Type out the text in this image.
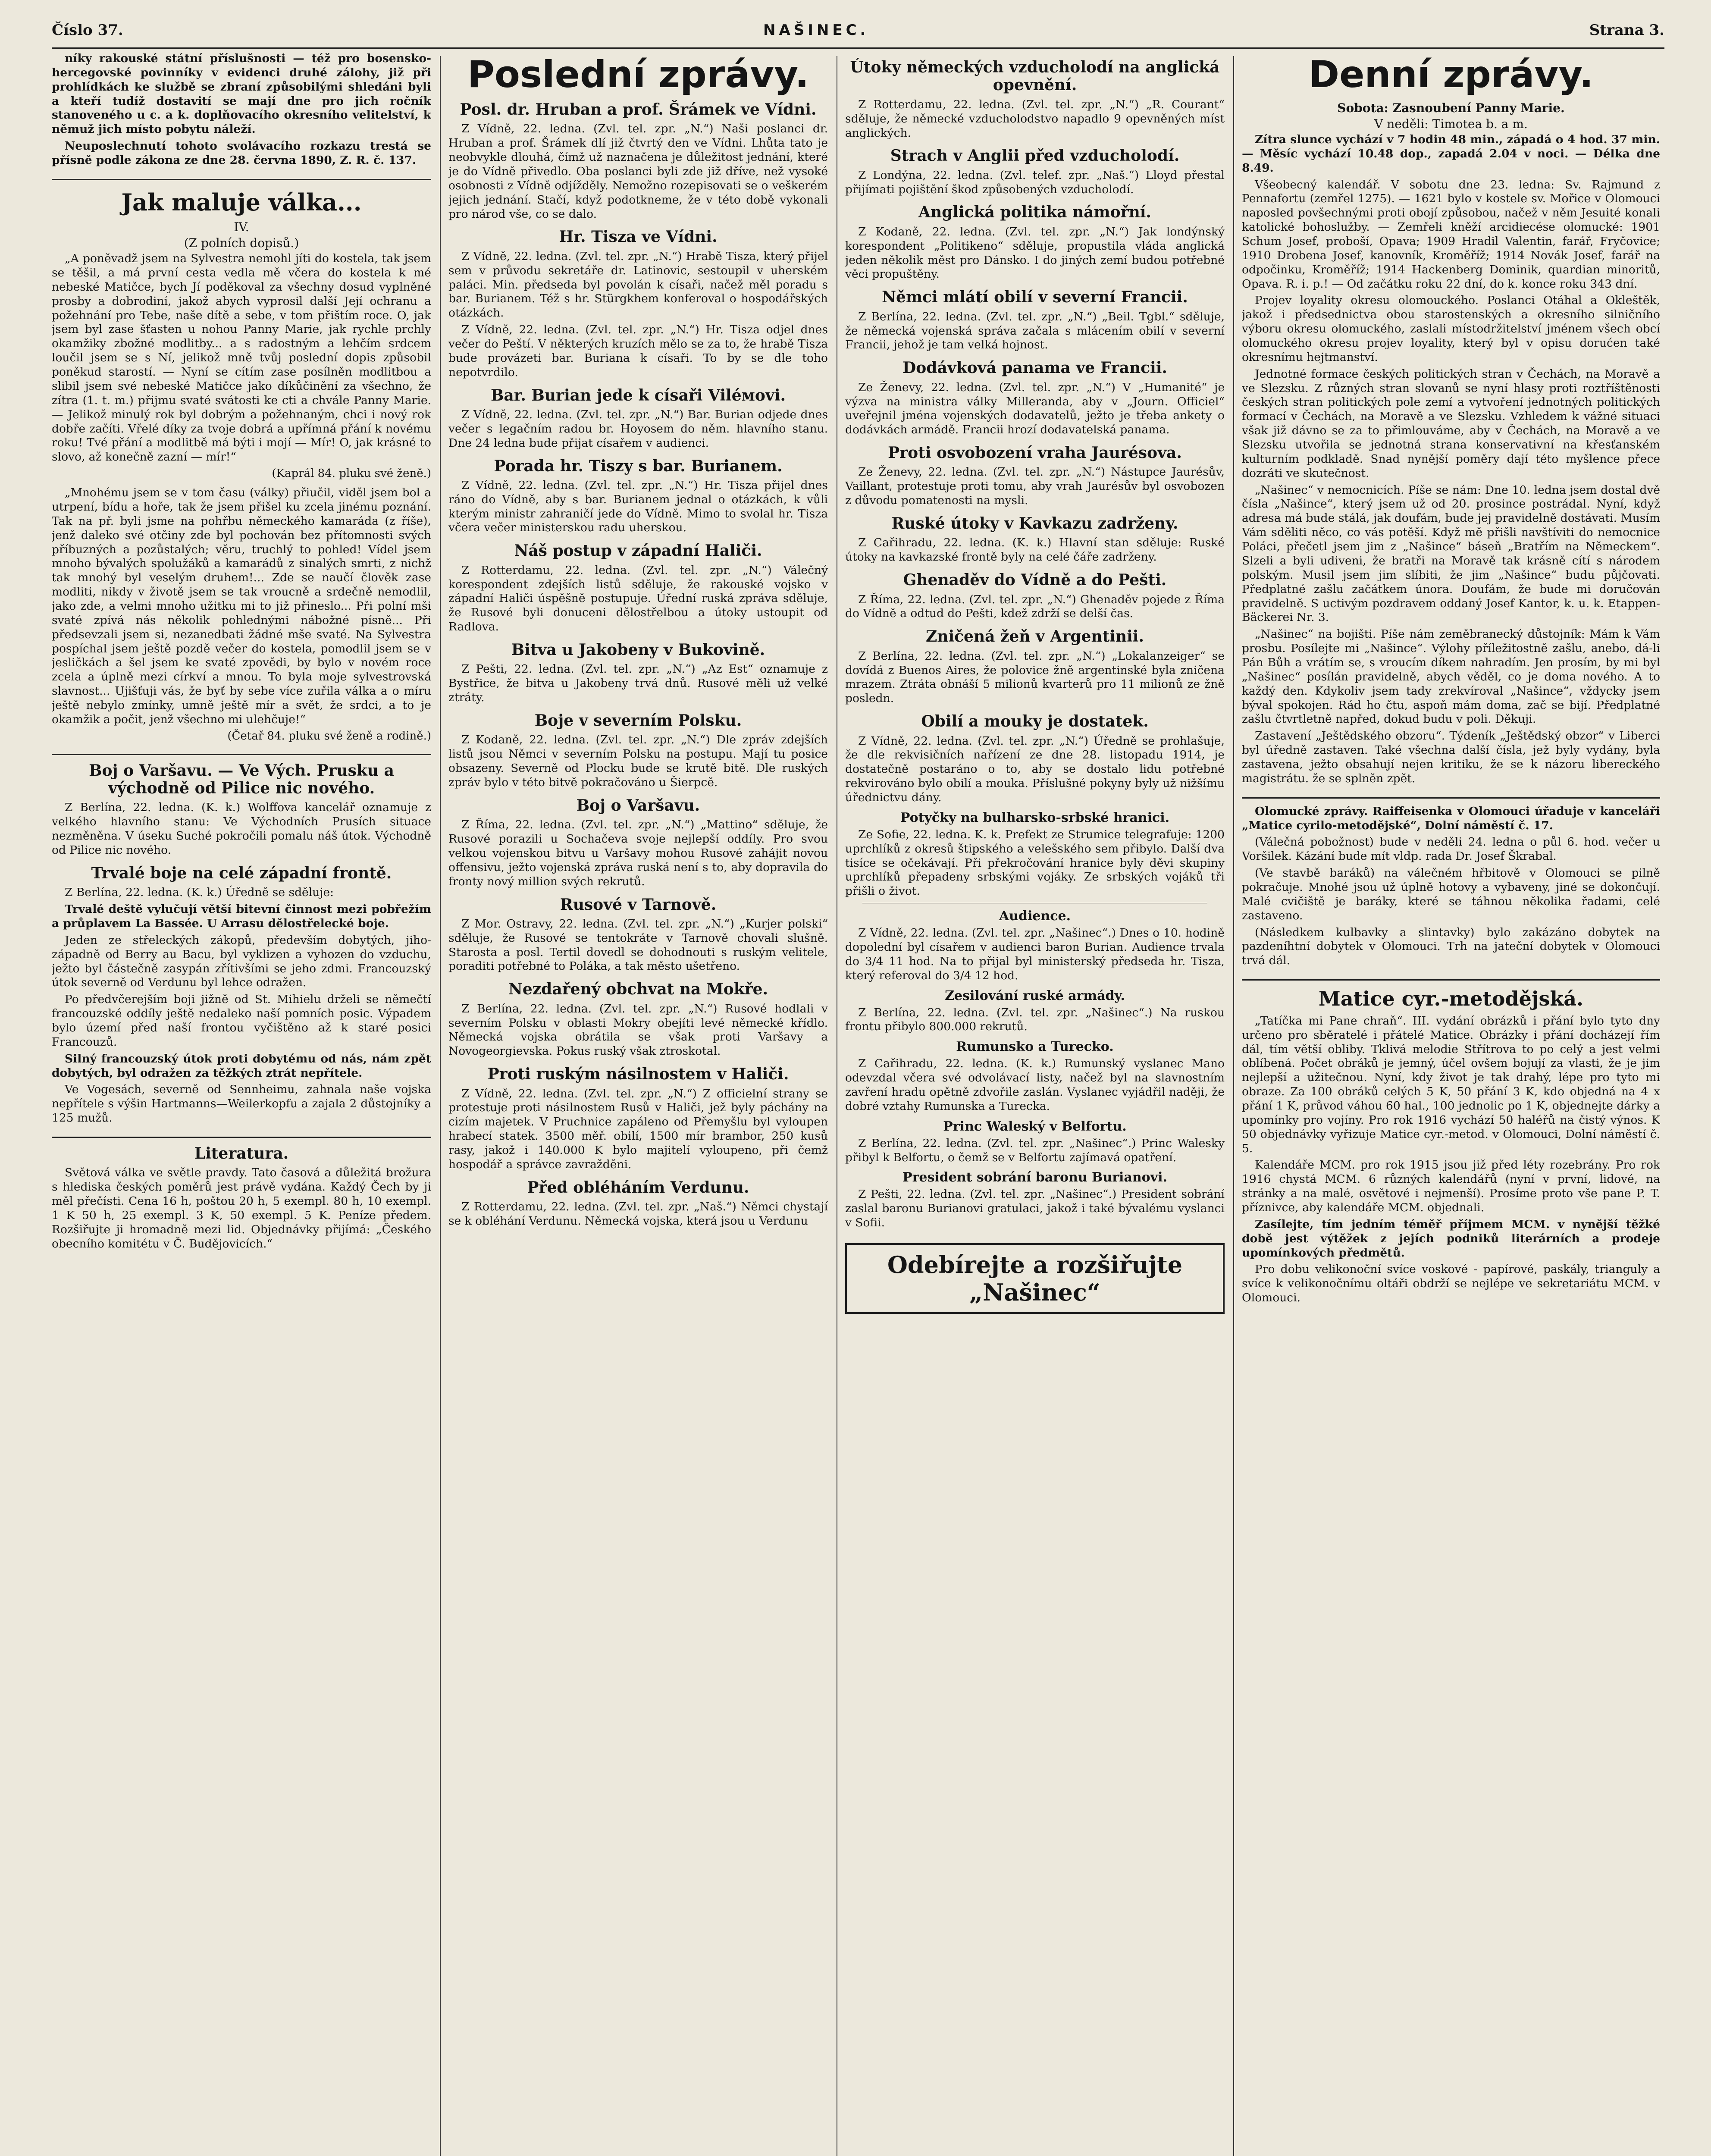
Číslo 37.	NAŠINEC.	Strana 3.

níky rakouské státní příslušnosti — též pro bosensko-hercegovské povinníky v evidenci druhé zálohy, již při prohlídkách ke službě se zbraní způsobilými shledáni byli a kteří tudíž dostavití se mají dne pro jich ročník stanoveného u c. a k. doplňovacího okresního velitelství, k němuž jich místo pobytu náleží.

Neuposlechnutí tohoto svolávacího rozkazu trestá se přísně podle zákona ze dne 28. června 1890, Z. R. č. 137.

Jak maluje válka...
IV.
(Z polních dopisů.)

„A poněvadž jsem na Sylvestra nemohl jíti do kostela, tak jsem se těšil, a má první cesta vedla mě včera do kostela k mé nebeské Matičce, bych Jí poděkoval za všechny dosud vyplněné prosby a dobrodiní, jakož abych vyprosil další Její ochranu a požehnání pro Tebe, naše dítě a sebe, v tom přištím roce. O, jak jsem byl zase šťasten u nohou Panny Marie, jak rychle prchly okamžiky zbožné modlitby... a s radostným a lehčím srdcem loučil jsem se s Ní, jelikož mně tvůj poslední dopis způsobil poněkud starostí. — Nyní se cítím zase posílněn modlitbou a slibil jsem své nebeské Matičce jako díkůčinění za všechno, že zítra (1. t. m.) přijmu svaté svátosti ke cti a chvále Panny Marie. — Jelikož minulý rok byl dobrým a požehnaným, chci i nový rok dobře začíti. Vřelé díky za tvoje dobrá a upřímná přání k novému roku! Tvé přání a modlitbě má býti i mojí — Mír! O, jak krásné to slovo, až konečně zazní — mír!“

(Kaprál 84. pluku své ženě.)

„Mnohému jsem se v tom času (války) přiučil, viděl jsem bol a utrpení, bídu a hoře, tak že jsem přišel ku zcela jinému poznání. Tak na př. byli jsme na pohřbu německého kamaráda (z říše), jenž daleko své otčiny zde byl pochován bez přítomnosti svých příbuzných a pozůstalých; věru, truchlý to pohled! Vídel jsem mnoho bývalých spolužáků a kamarádů z sinalých smrti, z nichž tak mnohý byl veselým druhem!... Zde se naučí člověk zase modliti, nikdy v životě jsem se tak vroucně a srdečně nemodlil, jako zde, a velmi mnoho užitku mi to již přineslo... Při polní mši svaté zpívá nás několik pohlednými nábožné písně... Při předsevzali jsem si, nezanedbati žádné mše svaté. Na Sylvestra pospíchal jsem ještě pozdě večer do kostela, pomodlil jsem se v jesličkách a šel jsem ke svaté zpovědi, by bylo v novém roce zcela a úplně mezi církví a mnou. To byla moje sylvestrovská slavnost... Ujišťuji vás, že byť by sebe více zuřila válka a o míru ještě nebylo zmínky, umně ještě mír a svět, že srdci, a to je okamžik a počit, jenž všechno mi ulehčuje!“

(Četař 84. pluku své ženě a rodině.)
Boj o Varšavu. — Ve Vých. Prusku a východně od Pilice nic nového.

Z Berlína, 22. ledna. (K. k.) Wolffova kancelář oznamuje z velkého hlavního stanu: Ve Východních Prusích situace nezměněna. V úseku Suché pokročili pomalu náš útok. Východně od Pilice nic nového.

Trvalé boje na celé západní frontě.

Z Berlína, 22. ledna. (K. k.) Úředně se sděluje:

Trvalé deště vylučují větší bitevní činnost mezi pobřežím a průplavem La Bassée. U Arrasu dělostřelecké boje.

Jeden ze střeleckých zákopů, především dobytých, jiho-západně od Berry au Bacu, byl vyklizen a vyhozen do vzduchu, ježto byl částečně zasypán zřítivšími se jeho zdmi. Francouzský útok severně od Verdunu byl lehce odražen.

Po předvčerejším boji jižně od St. Mihielu drželi se němečtí francouzské oddíly ještě nedaleko naší pomních posic. Výpadem bylo území před naší frontou vyčištěno až k staré posici Francouzů.

Silný francouzský útok proti dobytému od nás, nám zpět dobytých, byl odražen za těžkých ztrát nepřítele.

Ve Vogesách, severně od Sennheimu, zahnala naše vojska nepřítele s výšin Hartmanns—Weilerkopfu a zajala 2 důstojníky a 125 mužů.

Literatura.

Světová válka ve světle pravdy. Tato časová a důležitá brožura s hlediska českých poměrů jest právě vydána. Každý Čech by ji měl přečísti. Cena 16 h, poštou 20 h, 5 exempl. 80 h, 10 exempl. 1 K 50 h, 25 exempl. 3 K, 50 exempl. 5 K. Peníze předem. Rozšiřujte ji hromadně mezi lid. Objednávky přijímá: „Českého obecního komitétu v Č. Budějovicích.“

Poslední zprávy.
Posl. dr. Hruban a prof. Šrámek ve Vídni.

Z Vídně, 22. ledna. (Zvl. tel. zpr. „N.“) Naši poslanci dr. Hruban a prof. Šrámek dlí již čtvrtý den ve Vídni. Lhůta tato je neobvykle dlouhá, čímž už naznačena je důležitost jednání, které je do Vídně přivedlo. Oba poslanci byli zde již dříve, než vysoké osobnosti z Vídně odjížděly. Nemožno rozepisovati se o veškerém jejich jednání. Stačí, když podotkneme, že v této době vykonali pro národ vše, co se dalo.

Hr. Tisza ve Vídni.

Z Vídně, 22. ledna. (Zvl. tel. zpr. „N.“) Hrabě Tisza, který přijel sem v průvodu sekretáře dr. Latinovic, sestoupil v uherském paláci. Min. předseda byl povolán k císaři, načež měl poradu s bar. Burianem. Též s hr. Stürgkhem konferoval o hospodářských otázkách.

Z Vídně, 22. ledna. (Zvl. tel. zpr. „N.“) Hr. Tisza odjel dnes večer do Peští. V některých kruzích mělo se za to, že hrabě Tisza bude provázeti bar. Buriana k císaři. To by se dle toho nepotvrdilo.

Bar. Burian jede k císaři Viléмovi.

Z Vídně, 22. ledna. (Zvl. tel. zpr. „N.“) Bar. Burian odjede dnes večer s legačním radou br. Hoyosem do něm. hlavního stanu. Dne 24 ledna bude přijat císařem v audienci.

Porada hr. Tiszy s bar. Burianem.

Z Vídně, 22. ledna. (Zvl. tel. zpr. „N.“) Hr. Tisza přijel dnes ráno do Vídně, aby s bar. Burianem jednal o otázkách, k vůli kterým ministr zahraničí jede do Vídně. Mimo to svolal hr. Tisza včera večer ministerskou radu uherskou.

Náš postup v západní Haliči.

Z Rotterdamu, 22. ledna. (Zvl. tel. zpr. „N.“) Válečný korespondent zdejších listů sděluje, že rakouské vojsko v západní Haliči úspěšně postupuje. Úřední ruská zpráva sděluje, že Rusové byli donuceni dělostřelbou a útoky ustoupit od Radlova.

Bitva u Jakobeny v Bukovině.

Z Pešti, 22. ledna. (Zvl. tel. zpr. „N.“) „Az Est“ oznamuje z Bystřice, že bitva u Jakobeny trvá dnů. Rusové měli už velké ztráty.

Boje v severním Polsku.

Z Kodaně, 22. ledna. (Zvl. tel. zpr. „N.“) Dle zpráv zdejších listů jsou Němci v severním Polsku na postupu. Mají tu posice obsazeny. Severně od Plocku bude se krutě bitě. Dle ruských zpráv bylo v této bitvě pokračováno u Šierpcě.

Boj o Varšavu.

Z Říma, 22. ledna. (Zvl. tel. zpr. „N.“) „Mattino“ sděluje, že Rusové porazili u Sochačeva svoje nejlepší oddíly. Pro svou velkou vojenskou bitvu u Varšavy mohou Rusové zahájit novou offensivu, ježto vojenská zpráva ruská není s to, aby dopravila do fronty nový million svých rekrutů.

Rusové v Tarnově.

Z Mor. Ostravy, 22. ledna. (Zvl. tel. zpr. „N.“) „Kurjer polski“ sděluje, že Rusové se tentokráte v Tarnově chovali slušně. Starosta a posl. Tertil dovedl se dohodnouti s ruským velitele, poraditi potřebné to Poláka, a tak město ušetřeno.

Nezdařený obchvat na Mokře.

Z Berlína, 22. ledna. (Zvl. tel. zpr. „N.“) Rusové hodlali v severním Polsku v oblasti Mokry obejíti levé německé křídlo. Německá vojska obrátila se však proti Varšavy a Novogeorgievska. Pokus ruský však ztroskotal.

Proti ruským násilnostem v Haliči.

Z Vídně, 22. ledna. (Zvl. tel. zpr. „N.“) Z officielní strany se protestuje proti násilnostem Rusů v Haliči, jež byly páchány na cizím majetek. V Pruchnice zapáleno od Přemyšlu byl vyloupen hrabecí statek. 3500 měř. obilí, 1500 mír brambor, 250 kusů rasy, jakož i 140.000 K bylo majitelí vyloupeno, při čemž hospodář a správce zavražděni.

Před obléháním Verdunu.

Z Rotterdamu, 22. ledna. (Zvl. tel. zpr. „Naš.“) Němci chystají se k obléhání Verdunu. Německá vojska, která jsou u Verdunu

Útoky německých vzducholodí na anglická opevnění.

Z Rotterdamu, 22. ledna. (Zvl. tel. zpr. „N.“) „R. Courant“ sděluje, že německé vzducholodstvo napadlo 9 opevněných míst anglických.

Strach v Anglii před vzducholodí.

Z Londýna, 22. ledna. (Zvl. telef. zpr. „Naš.“) Lloyd přestal přijímati pojištění škod způsobených vzducholodí.

Anglická politika námořní.

Z Kodaně, 22. ledna. (Zvl. tel. zpr. „N.“) Jak londýnský korespondent „Politikeno“ sděluje, propustila vláda anglická jeden několik měst pro Dánsko. I do jiných zemí budou potřebné věci propuštěny.

Němci mlátí obilí v severní Francii.

Z Berlína, 22. ledna. (Zvl. tel. zpr. „N.“) „Beil. Tgbl.“ sděluje, že německá vojenská správa začala s mlácením obilí v severní Francii, jehož je tam velká hojnost.

Dodávková panama ve Francii.

Ze Ženevy, 22. ledna. (Zvl. tel. zpr. „N.“) V „Humanité“ je výzva na ministra války Milleranda, aby v „Journ. Officiel“ uveřejnil jména vojenských dodavatelů, ježto je třeba ankety o dodávkách armádě. Francii hrozí dodavatelská panama.

Proti osvobození vraha Jaurésova.

Ze Ženevy, 22. ledna. (Zvl. tel. zpr. „N.“) Nástupce Jaurésův, Vaillant, protestuje proti tomu, aby vrah Jaurésův byl osvobozen z důvodu pomatenosti na mysli.

Ruské útoky v Kavkazu zadrženy.

Z Cařihradu, 22. ledna. (K. k.) Hlavní stan sděluje: Ruské útoky na kavkazské frontě byly na celé čáře zadrženy.

Ghenaděv do Vídně a do Pešti.

Z Říma, 22. ledna. (Zvl. tel. zpr. „N.“) Ghenaděv pojede z Říma do Vídně a odtud do Pešti, kdež zdrží se delší čas.

Zničená žeň v Argentinii.

Z Berlína, 22. ledna. (Zvl. tel. zpr. „N.“) „Lokalanzeiger“ se dovídá z Buenos Aires, že polovice žně argentinské byla zničena mrazem. Ztráta obnáší 5 milionů kvarterů pro 11 milionů ze žně posledn.

Obilí a mouky je dostatek.

Z Vídně, 22. ledna. (Zvl. tel. zpr. „N.“) Úředně se prohlašuje, že dle rekvisičních nařízení ze dne 28. listopadu 1914, je dostatečně postaráno o to, aby se dostalo lidu potřebné rekvirováno bylo obilí a mouka. Příslušné pokyny byly už nižšímu úřednictvu dány.

Potyčky na bulharsko-srbské hranici.

Ze Sofie, 22. ledna. K. k. Prefekt ze Strumice telegrafuje: 1200 uprchlíků z okresů štipského a velešského sem přibylo. Další dva tisíce se očekávají. Při překročování hranice byly děvi skupiny uprchlíků přepadeny srbskými vojáky. Ze srbských vojáků tři přišli o život.

Audience.

Z Vídně, 22. ledna. (Zvl. tel. zpr. „Našinec“.) Dnes o 10. hodině dopolední byl císařem v audienci baron Burian. Audience trvala do 3/4 11 hod. Na to přijal byl ministerský předseda hr. Tisza, který referoval do 3/4 12 hod.

Zesilování ruské armády.

Z Berlína, 22. ledna. (Zvl. tel. zpr. „Našinec“.) Na ruskou frontu přibylo 800.000 rekrutů.

Rumunsko a Turecko.

Z Cařihradu, 22. ledna. (K. k.) Rumunský vyslanec Mano odevzdal včera své odvolávací listy, načež byl na slavnostním zavření hradu opětně zdvořile zaslán. Vyslanec vyjádřil naději, že dobré vztahy Rumunska a Turecka.

Princ Waleský v Belfortu.

Z Berlína, 22. ledna. (Zvl. tel. zpr. „Našinec“.) Princ Walesky přibyl k Belfortu, o čemž se v Belfortu zajímavá opatření.

President sobrání baronu Burianovi.

Z Pešti, 22. ledna. (Zvl. tel. zpr. „Našinec“.) President sobrání zaslal baronu Burianovi gratulaci, jakož i také bývalému vyslanci v Sofii.

Odebírejte a rozšiřujte „Našinec“
Denní zprávy.
Sobota: Zasnoubení Panny Marie.
V neděli: Timotea b. a m.

Zítra slunce vychází v 7 hodin 48 min., západá o 4 hod. 37 min. — Měsíc vychází 10.48 dop., zapadá 2.04 v noci. — Délka dne 8.49.

Všeobecný kalendář. V sobotu dne 23. ledna: Sv. Rajmund z Pennafortu (zemřel 1275). — 1621 bylo v kostele sv. Mořice v Olomouci naposled povšechnými proti obojí způsobou, načež v něm Jesuité konali katolické bohoslužby. — Zemřeli kněží arcidiecése olomucké: 1901 Schum Josef, proboší, Opava; 1909 Hradil Valentin, farář, Fryčovice; 1910 Drobena Josef, kanovník, Kroměříž; 1914 Novák Josef, farář na odpočinku, Kroměříž; 1914 Hackenberg Dominik, quardian minoritů, Opava. R. i. p.! — Od začátku roku 22 dní, do k. konce roku 343 dní.

Projev loyality okresu olomouckého. Poslanci Otáhal a Okleštěk, jakož i předsednictva obou starostenských a okresního silničního výboru okresu olomuckého, zaslali místodržitelství jménem všech obcí olomuckého okresu projev loyality, který byl v opisu dorućen také okresnímu hejtmanství.

Jednotné formace českých politických stran v Čechách, na Moravě a ve Slezsku. Z různých stran slovanů se nyní hlasy proti roztříštěnosti českých stran politických pole zemí a vytvoření jednotných politických formací v Čechách, na Moravě a ve Slezsku. Vzhledem k vážné situaci však již dávno se za to přimlouváme, aby v Čechách, na Moravě a ve Slezsku utvořila se jednotná strana konservativní na křesťanském kulturním podkladě. Snad nynější poměry dají této myšlence přece dozráti ve skutečnost.

„Našinec“ v nemocnicích. Píše se nám: Dne 10. ledna jsem dostal dvě čísla „Našince“, který jsem už od 20. prosince postrádal. Nyní, když adresa má bude stálá, jak doufám, bude jej pravidelně dostávati. Musím Vám sděliti něco, co vás potěší. Když mě přišli navštíviti do nemocnice Poláci, přečetl jsem jim z „Našince“ báseň „Bratřím na Německem“. Slzeli a byli udiveni, že bratři na Moravě tak krásně cítí s národem polským. Musil jsem jim slíbiti, že jim „Našince“ budu půjčovati. Předplatné zašlu začátkem února. Doufám, že bude mi doručován pravidelně. S uctivým pozdravem oddaný Josef Kantor, k. u. k. Etappen-Bäckerei Nr. 3.

„Našinec“ na bojišti. Píše nám zeměbranecký důstojník: Mám k Vám prosbu. Posílejte mi „Našince“. Výlohy příležitostně zašlu, anebo, dá-li Pán Bůh a vrátím se, s vroucím díkem nahradím. Jen prosím, by mi byl „Našinec“ posílán pravidelně, abych věděl, co je doma nového. A to každý den. Kdykoliv jsem tady zrekvíroval „Našince“, vždycky jsem býval spokojen. Rád ho čtu, aspoň mám doma, zač se bijí. Předplatné zašlu čtvrtletně napřed, dokud budu v poli. Děkuji.

Zastavení „Ještědského obzoru“. Týdeník „Ještědský obzor“ v Liberci byl úředně zastaven. Také všechna další čísla, jež byly vydány, byla zastavena, ježto obsahují nejen kritiku, že se k názoru libereckého magistrátu. že se splněn zpět.

Olomucké zprávy. Raiffeisenka v Olomouci úřaduje v kanceláři „Matice cyrilo-metodějské“, Dolní náměstí č. 17.

(Válečná pobožnost) bude v neděli 24. ledna o půl 6. hod. večer u Voršilek. Kázání bude mít vldp. rada Dr. Josef Škrabal.

(Ve stavbě baráků) na válečném hřbitově v Olomouci se pilně pokračuje. Mnohé jsou už úplně hotovy a vybaveny, jiné se dokončují. Malé cvičiště je baráky, které se táhnou několika řadami, celé zastaveno.

(Následkem kulbavky a slintavky) bylo zakázáno dobytek na pazdeníhtní dobytek v Olomouci. Trh na jateční dobytek v Olomouci trvá dál.

Matice cyr.-metodějská.

„Tatíčka mi Pane chraň“. III. vydání obrázků i přání bylo tyto dny určeno pro sběratelé i přátelé Matice. Obrázky i přání docházejí řím dál, tím větší obliby. Tklivá melodie Střítrova to po celý a jest velmi oblíbená. Počet obráků je jemný, účel ovšem bojují za vlasti, že je jim nejlepší a užitečnou. Nyní, kdy život je tak drahý, lépe pro tyto mi obraze. Za 100 obráků celých 5 K, 50 přání 3 K, kdo objedná na 4 x přání 1 K, průvod váhou 60 hal., 100 jednolic po 1 K, objednejte dárky a upomínky pro vojíny. Pro rok 1916 vychází 50 haléřů na čistý výnos. K 50 objednávky vyřizuje Matice cyr.-metod. v Olomouci, Dolní náměstí č. 5.

Kalendáře MCM. pro rok 1915 jsou již před léty rozebrány. Pro rok 1916 chystá MCM. 6 různých kalendářů (nyní v první, lidové, na stránky a na malé, osvětové i nejmenší). Prosíme proto vše pane P. T. příznivce, aby kalendáře MCM. objednali.

Zasílejte, tím jedním téměř příjmem MCM. v nynější těžké době jest výtěžek z jejích podniků literárních a prodeje upomínkových předmětů.

Pro dobu velikonoční svíce voskové - papírové, paskály, trianguly a svíce k velikonočnímu oltáři obdrží se nejlépe ve sekretariátu MCM. v Olomouci.
